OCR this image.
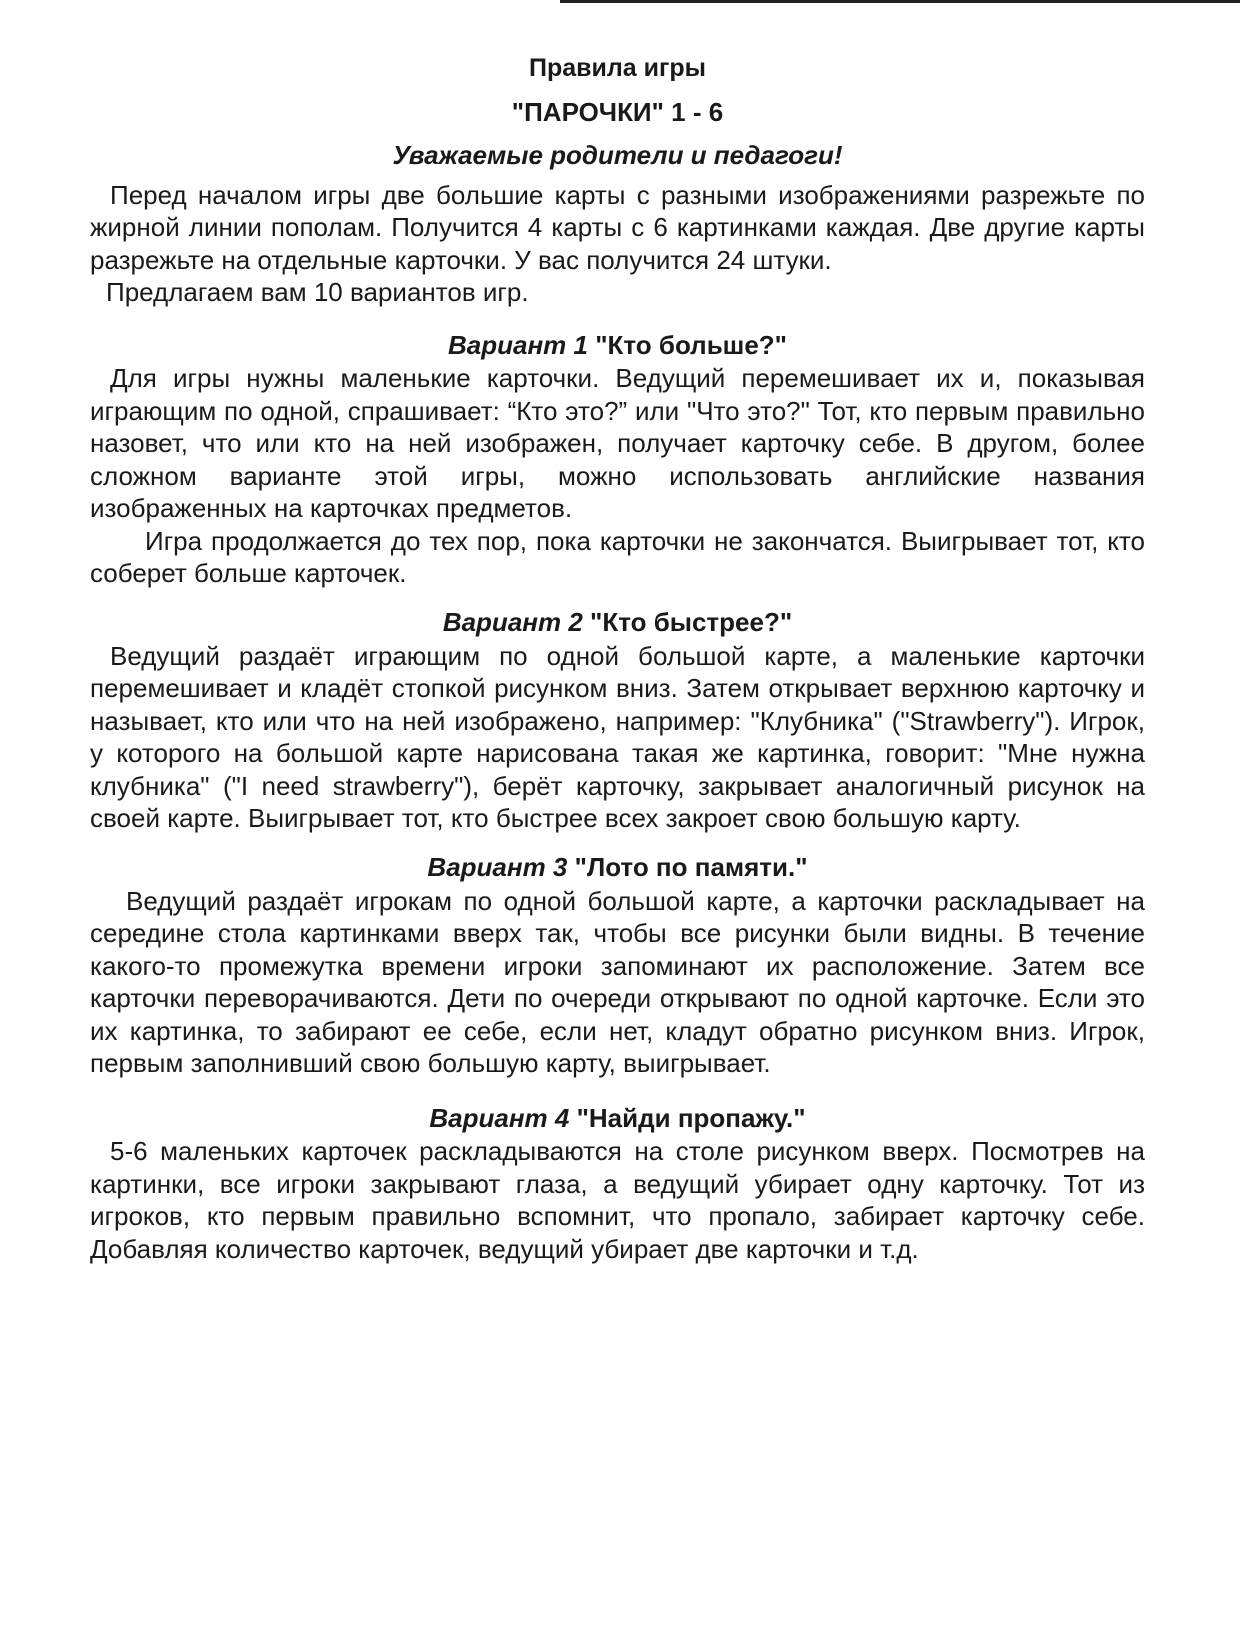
Правила игры

"ПАРОЧКИ" 1 - 6

Уважаемые родители и педагоги!

Перед началом игры две большие карты с разными изображениями разрежьте по жирной линии пополам. Получится 4 карты с 6 картинками каждая. Две другие карты разрежьте на отдельные карточки. У вас получится 24 штуки.

Предлагаем вам 10 вариантов игр.

Вариант 1 "Кто больше?"

Для игры нужны маленькие карточки. Ведущий перемешивает их и, показывая играющим по одной, спрашивает: “Кто это?” или "Что это?" Тот, кто первым правильно назовет, что или кто на ней изображен, получает карточку себе. В другом, более сложном варианте этой игры, можно использовать английские названия изображенных на карточках предметов.

Игра продолжается до тех пор, пока карточки не закончатся. Выигрывает тот, кто соберет больше карточек.

Вариант 2 "Кто быстрее?"

Ведущий раздаёт играющим по одной большой карте, а маленькие карточки перемешивает и кладёт стопкой рисунком вниз. Затем открывает верхнюю карточку и называет, кто или что на ней изображено, например: "Клубника" ("Strawberry"). Игрок, у которого на большой карте нарисована такая же картинка, говорит: "Мне нужна клубника" ("I need strawberry"), берёт карточку, закрывает аналогичный рисунок на своей карте. Выигрывает тот, кто быстрее всех закроет свою большую карту.

Вариант 3 "Лото по памяти."

Ведущий раздаёт игрокам по одной большой карте, а карточки раскладывает на середине стола картинками вверх так, чтобы все рисунки были видны. В течение какого-то промежутка времени игроки запоминают их расположение. Затем все карточки переворачиваются. Дети по очереди открывают по одной карточке. Если это их картинка, то забирают ее себе, если нет, кладут обратно рисунком вниз. Игрок, первым заполнивший свою большую карту, выигрывает.

Вариант 4 "Найди пропажу."

5-6 маленьких карточек раскладываются на столе рисунком вверх. Посмотрев на картинки, все игроки закрывают глаза, а ведущий убирает одну карточку. Тот из игроков, кто первым правильно вспомнит, что пропало, забирает карточку себе. Добавляя количество карточек, ведущий убирает две карточки и т.д.
